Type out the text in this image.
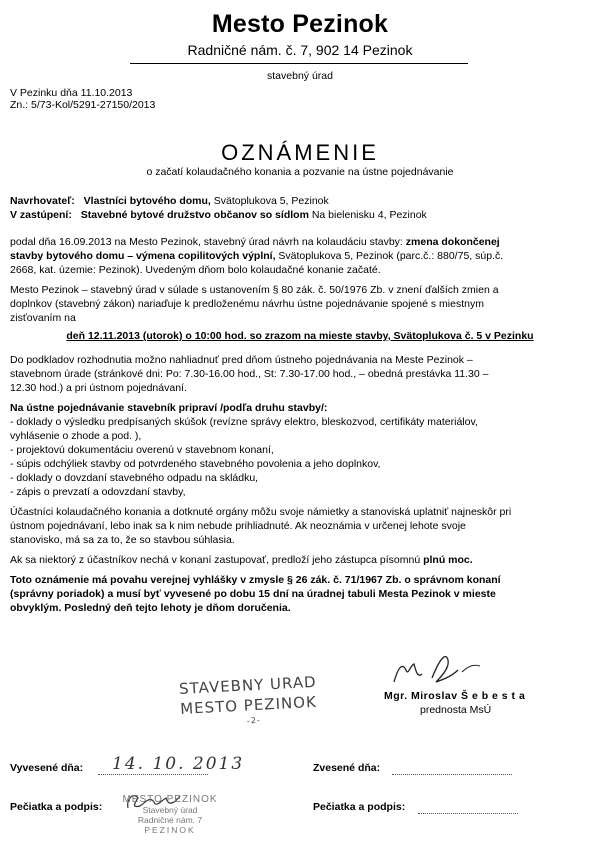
Mesto Pezinok
Radničné nám. č. 7, 902 14 Pezinok
stavebný úrad
V Pezinku dňa 11.10.2013
Zn.: 5/73-Kol/5291-27150/2013
OZNÁMENIE
o začatí kolaudačného konania a pozvanie na ústne pojednávanie
Navrhovateľ: Vlastníci bytového domu, Svätoplukova 5, Pezinok
V zastúpení: Stavebné bytové družstvo občanov so sídlom Na bielenisku 4, Pezinok
podal dňa 16.09.2013 na Mesto Pezinok, stavebný úrad návrh na kolaudáciu stavby: zmena dokončenej
stavby bytového domu – výmena copilitových výplní, Svätoplukova 5, Pezinok (parc.č.: 880/75, súp.č.
2668, kat. územie: Pezinok). Uvedeným dňom bolo kolaudačné konanie začaté.
Mesto Pezinok – stavebný úrad v súlade s ustanovením § 80 zák. č. 50/1976 Zb. v znení ďalších zmien a
doplnkov (stavebný zákon) nariaďuje k predloženému návrhu ústne pojednávanie spojené s miestnym
zisťovaním na
deň 12.11.2013 (utorok) o 10:00 hod. so zrazom na mieste stavby, Svätoplukova č. 5 v Pezinku
Do podkladov rozhodnutia možno nahliadnuť pred dňom ústneho pojednávania na Meste Pezinok –
stavebnom úrade (stránkové dni: Po: 7.30-16.00 hod., St: 7.30-17.00 hod., – obedná prestávka 11.30 –
12.30 hod.) a pri ústnom pojednávaní.
Na ústne pojednávanie stavebník pripraví /podľa druhu stavby/:
- doklady o výsledku predpísaných skúšok (revízne správy elektro, bleskozvod, certifikáty materiálov,
vyhlásenie o zhode a pod. ),
- projektovú dokumentáciu overenú v stavebnom konaní,
- súpis odchýliek stavby od potvrdeného stavebného povolenia a jeho doplnkov,
- doklady o dovzdaní stavebného odpadu na skládku,
- zápis o prevzatí a odovzdaní stavby,
Účastníci kolaudačného konania a dotknuté orgány môžu svoje námietky a stanoviská uplatniť najneskôr pri
ústnom pojednávaní, lebo inak sa k nim nebude prihliadnuté. Ak neoznámia v určenej lehote svoje
stanovisko, má sa za to, že so stavbou súhlasia.
Ak sa niektorý z účastníkov nechá v konaní zastupovať, predloží jeho zástupca písomnú plnú moc.
Toto oznámenie má povahu verejnej vyhlášky v zmysle § 26 zák. č. 71/1967 Zb. o správnom konaní
(správny poriadok) a musí byť vyvesené po dobu 15 dní na úradnej tabuli Mesta Pezinok v mieste
obvyklým. Posledný deň tejto lehoty je dňom doručenia.
STAVEBNY URAD
MESTO PEZINOK
-2-
Mgr. Miroslav Š e b e s t a
prednosta MsÚ
Vyvesené dňa: 14. 10. 2013	Zvesené dňa:
Pečiatka a podpis:
MESTO PEZINOK
Stavebný úrad
Radničné nám. 7
PEZINOK
Pečiatka a podpis:
